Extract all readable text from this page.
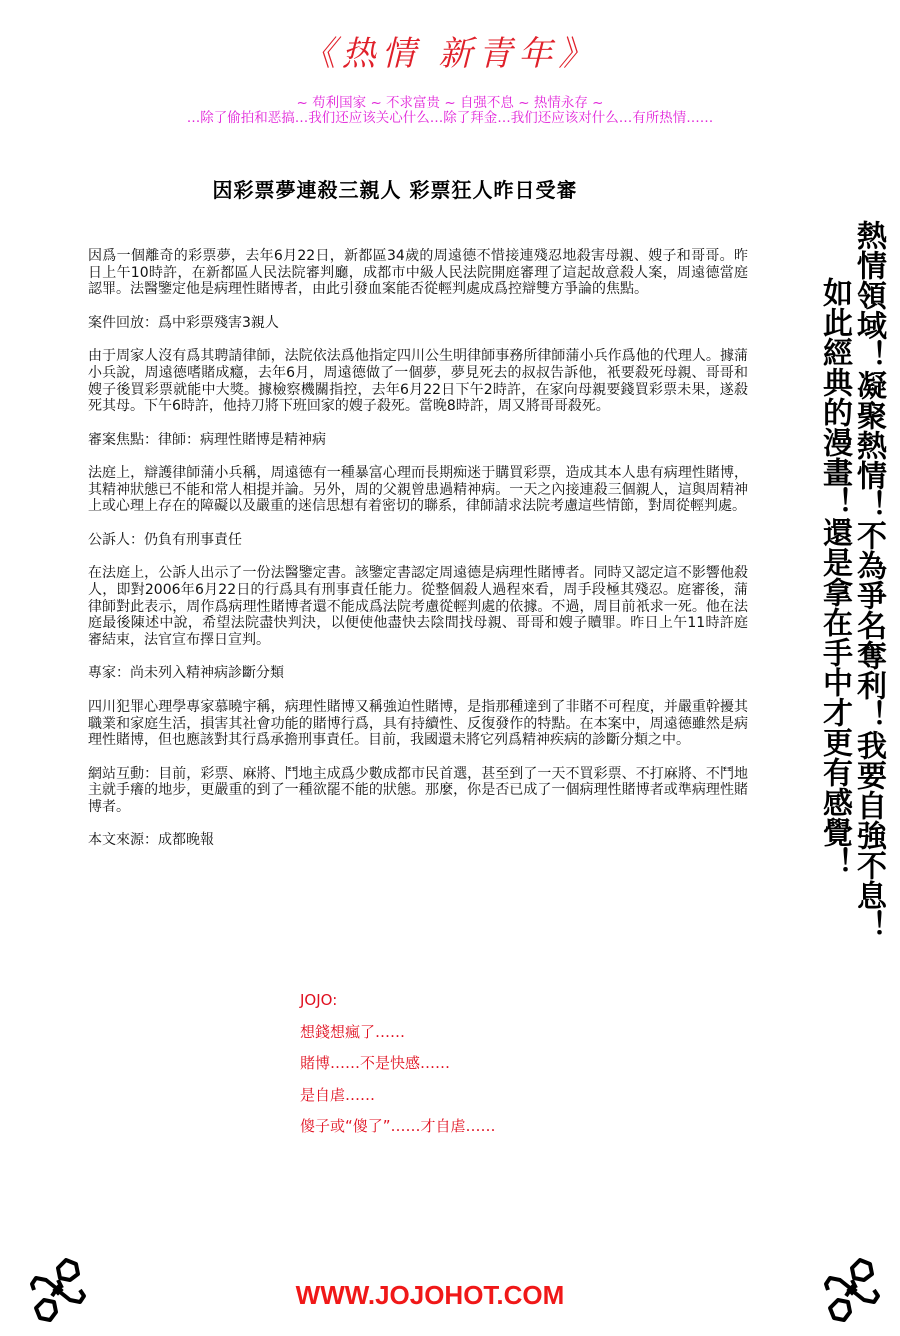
《热情 新青年》
~ 苟利国家 ~ 不求富贵 ~ 自强不息 ~ 热情永存 ~
…除了偷拍和恶搞…我们还应该关心什么…除了拜金…我们还应该对什么…有所热情……
因彩票夢連殺三親人 彩票狂人昨日受審

因爲一個離奇的彩票夢，去年6月22日，新都區34歲的周遠德不惜接連殘忍地殺害母親、嫂子和哥哥。昨日上午10時許，在新都區人民法院審判廳，成都市中級人民法院開庭審理了這起故意殺人案，周遠德當庭認罪。法醫鑒定他是病理性賭博者，由此引發血案能否從輕判處成爲控辯雙方爭論的焦點。

案件回放：爲中彩票殘害3親人

由于周家人沒有爲其聘請律師，法院依法爲他指定四川公生明律師事務所律師蒲小兵作爲他的代理人。據蒲小兵說，周遠德嗜賭成癮，去年6月，周遠德做了一個夢，夢見死去的叔叔告訴他，衹要殺死母親、哥哥和嫂子後買彩票就能中大獎。據檢察機關指控，去年6月22日下午2時許，在家向母親要錢買彩票未果，遂殺死其母。下午6時許，他持刀將下班回家的嫂子殺死。當晚8時許，周又將哥哥殺死。

審案焦點：律師：病理性賭博是精神病

法庭上，辯護律師蒲小兵稱，周遠德有一種暴富心理而長期痴迷于購買彩票，造成其本人患有病理性賭博，其精神狀態已不能和常人相提并論。另外，周的父親曾患過精神病。一天之內接連殺三個親人，這與周精神上或心理上存在的障礙以及嚴重的迷信思想有着密切的聯系，律師請求法院考慮這些情節，對周從輕判處。

公訴人：仍負有刑事責任

在法庭上，公訴人出示了一份法醫鑒定書。該鑒定書認定周遠德是病理性賭博者。同時又認定這不影響他殺人，即對2006年6月22日的行爲具有刑事責任能力。從整個殺人過程來看，周手段極其殘忍。庭審後，蒲律師對此表示，周作爲病理性賭博者還不能成爲法院考慮從輕判處的依據。不過，周目前衹求一死。他在法庭最後陳述中說，希望法院盡快判決，以便使他盡快去陰間找母親、哥哥和嫂子贖罪。昨日上午11時許庭審結束，法官宣布擇日宣判。

專家：尚未列入精神病診斷分類

四川犯罪心理學專家慕曉宇稱，病理性賭博又稱強迫性賭博，是指那種達到了非賭不可程度，并嚴重幹擾其職業和家庭生活，損害其社會功能的賭博行爲，具有持續性、反復發作的特點。在本案中，周遠德雖然是病理性賭博，但也應該對其行爲承擔刑事責任。目前，我國還未將它列爲精神疾病的診斷分類之中。

網站互動：目前，彩票、麻將、鬥地主成爲少數成都市民首選，甚至到了一天不買彩票、不打麻將、不鬥地主就手癢的地步，更嚴重的到了一種欲罷不能的狀態。那麼，你是否已成了一個病理性賭博者或準病理性賭博者。

本文來源：成都晚報	熱情領域！凝聚熱情！不為爭名奪利！我要自強不息！
如此經典的漫畫！還是拿在手中才更有感覺！
JOJO:
想錢想瘋了……
賭博……不是快感……
是自虐……
傻子或“傻了”……才自虐……
WWW.JOJOHOT.COM
